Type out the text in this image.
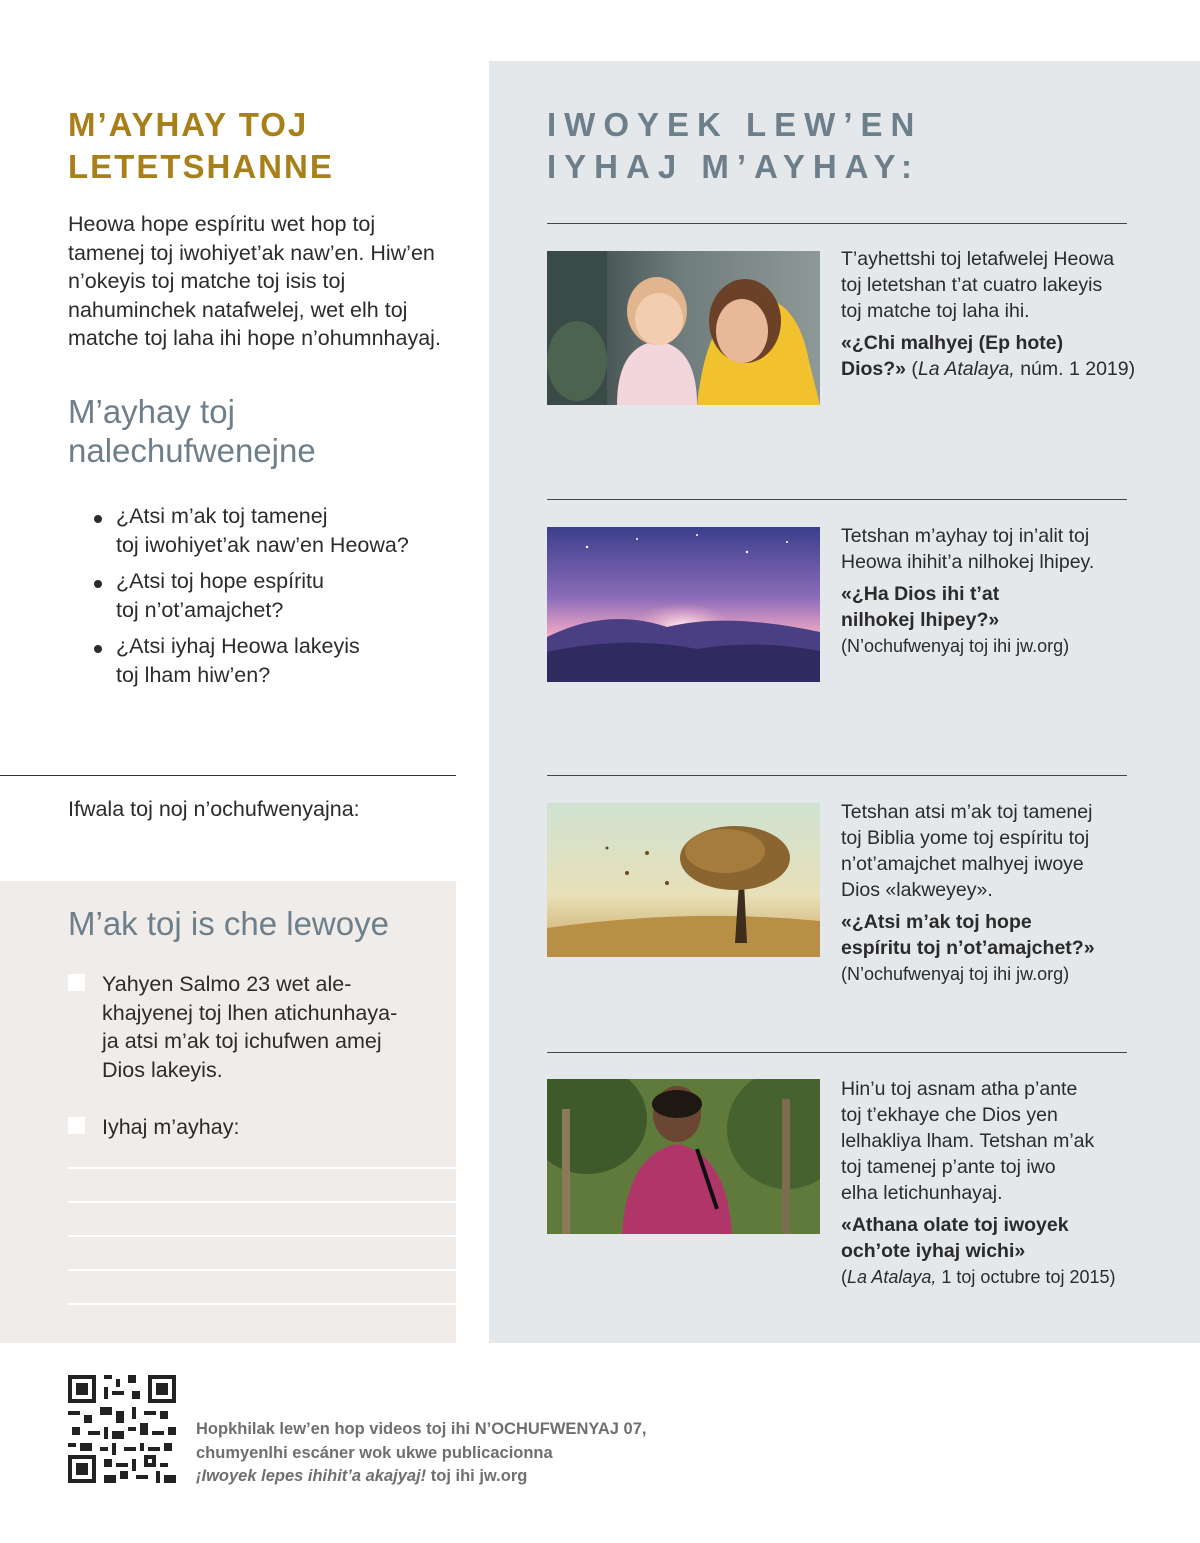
M’AYHAY TOJ
LETETSHANNE

Heowa hope espíritu wet hop toj tamenej toj iwohiyet’ak naw’en. Hiw’en n’okeyis toj matche toj isis toj nahuminchek natafwelej, wet elh toj matche toj laha ihi hope n’ohumnhayaj.

M’ayhay toj
nalechufwenejne
¿Atsi m’ak toj tamenej
toj iwohiyet’ak naw’en Heowa?
¿Atsi toj hope espíritu
toj n’ot’amajchet?
¿Atsi iyhaj Heowa lakeyis
toj lham hiw’en?
Ifwala toj noj n’ochufwenyajna:
M’ak toj is che lewoye
Yahyen Salmo 23 wet ale-
khajyenej toj lhen atichunhaya-
ja atsi m’ak toj ichufwen amej
Dios lakeyis.
Iyhaj m’ayhay:
IWOYEK LEW’EN
IYHAJ M’AYHAY:

T’ayhettshi toj letafwelej Heowa
toj letetshan t’at cuatro lakeyis
toj matche toj laha ihi.

«¿Chi malhyej (Ep hote)
Dios?» (La Atalaya, núm. 1 2019)

Tetshan m’ayhay toj in’alit toj
Heowa ihihit’a nilhokej lhipey.

«¿Ha Dios ihi t’at
nilhokej lhipey?»

(N’ochufwenyaj toj ihi jw.org)

Tetshan atsi m’ak toj tamenej
toj Biblia yome toj espíritu toj
n’ot’amajchet malhyej iwoye
Dios «lakweyey».

«¿Atsi m’ak toj hope
espíritu toj n’ot’amajchet?»

(N’ochufwenyaj toj ihi jw.org)

Hin’u toj asnam atha p’ante
toj t’ekhaye che Dios yen
lelhakliya lham. Tetshan m’ak
toj tamenej p’ante toj iwo
elha letichunhayaj.

«Athana olate toj iwoyek
och’ote iyhaj wichi»

(La Atalaya, 1 toj octubre toj 2015)

Hopkhilak lew’en hop videos toj ihi N’OCHUFWENYAJ 07,
chumyenlhi escáner wok ukwe publicacionna
¡Iwoyek lepes ihihit’a akajyaj! toj ihi jw.org
